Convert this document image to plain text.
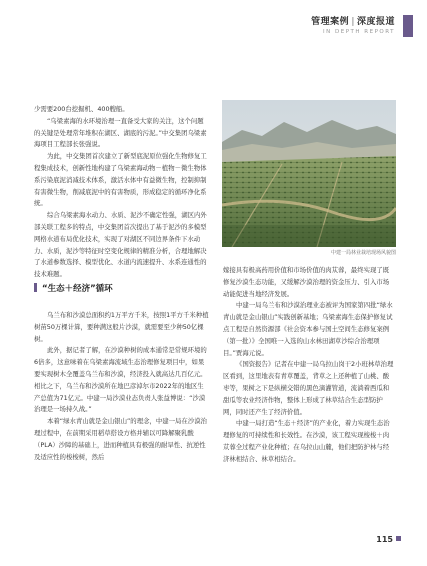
管理案例 | 深度报道
IN DEPTH REPORT

少需要200台挖掘机、400艘船。

“乌梁素海的水环境治理一直备受大家的关注，这个问题的关键是处理常年堆积在湖区、湖底的污泥。”中交集团乌梁素海项目工程部长张强说。

为此，中交集团首次建立了新型底泥原位强化生物修复工程集成技术，创新性地构建了乌梁素海动物－植物－微生物体系污染底泥消减技术体系，激活水体中有益微生物，控制抑制有害微生物，削减底泥中的有害物质，形成稳定的循环净化系统。

综合乌梁素海水动力、水质、泥沙不确定性强，湖区内外部关联工程多的特点，中交集团首次提出了基于泥沙的多模型网格水道布局优化技术，实现了对湖区不同边界条件下水动力、水质，泥沙等特征时空变化规律的精准分析，合理地解决了水道参数选择、模型优化、水道内流速提升、水系连通性的技术难题。

“生态＋经济”循环

乌兰布和沙漠总面积约1万平方千米，按照1平方千米种植树苗50万棵计算，要种满这般片沙漠，就需要至少种50亿棵树。

此外，据记者了解，在沙漠种树的成本通常是常规环境的6倍多，这意味着在乌梁素海流域生态治理修复项目中，如果要实现树木全覆盖乌兰布和沙漠，经济投入就高达几百亿元。相比之下，乌兰布和沙漠所在地巴彦淖尔市2022年的地区生产总值为71亿元。中建一局沙漠业态负责人张益博说：“沙漠治理是一场持久战。”

本着“绿水青山就是金山银山”的理念，中建一局在沙漠治理过程中，在前期采用稻草搭设方格并辅以可降解聚乳酸（PLA）沙障的基础上，进而种植具有极强的耐旱性、抗逆性及适应性的梭梭树，然后

中建一局林业栽培现场风貌图

嫁接具有极高药用价值和市场价值的肉苁蓉，最终实现了既修复沙漠生态功能，又缓解沙漠治理的资金压力、引入市场动能促进当地经济发展。

中建一局乌兰布和沙漠治理业态被评为国家第四批“绿水青山就是金山银山”实践创新基地；乌梁素海生态保护修复试点工程是自然资源部《社会资本参与国土空间生态修复案例（第一批）》全国唯一入选的山水林田湖草沙综合治理项目。”贾海元说。

《国资报告》记者在中建一局乌拉山岗干2小班林草治理区看到，这里地表有青草覆盖，背草之上还种植了山桃、酸枣等，果树之下是纵横交错的黑色滴灌管道，流淌着西瓜和甜瓜等农业经济作物，整体上形成了林草结合生态型防护网，同时还产生了经济价值。

中建一局打造“生态＋经济”的产业化，着力实现生态治理修复的可持续性和长效性。在沙漠，该工程实现梭梭＋肉苁蓉全过程产业化种植；在乌拉山山麓，他们把防护林与经济林相结合、林草相结合。

115
